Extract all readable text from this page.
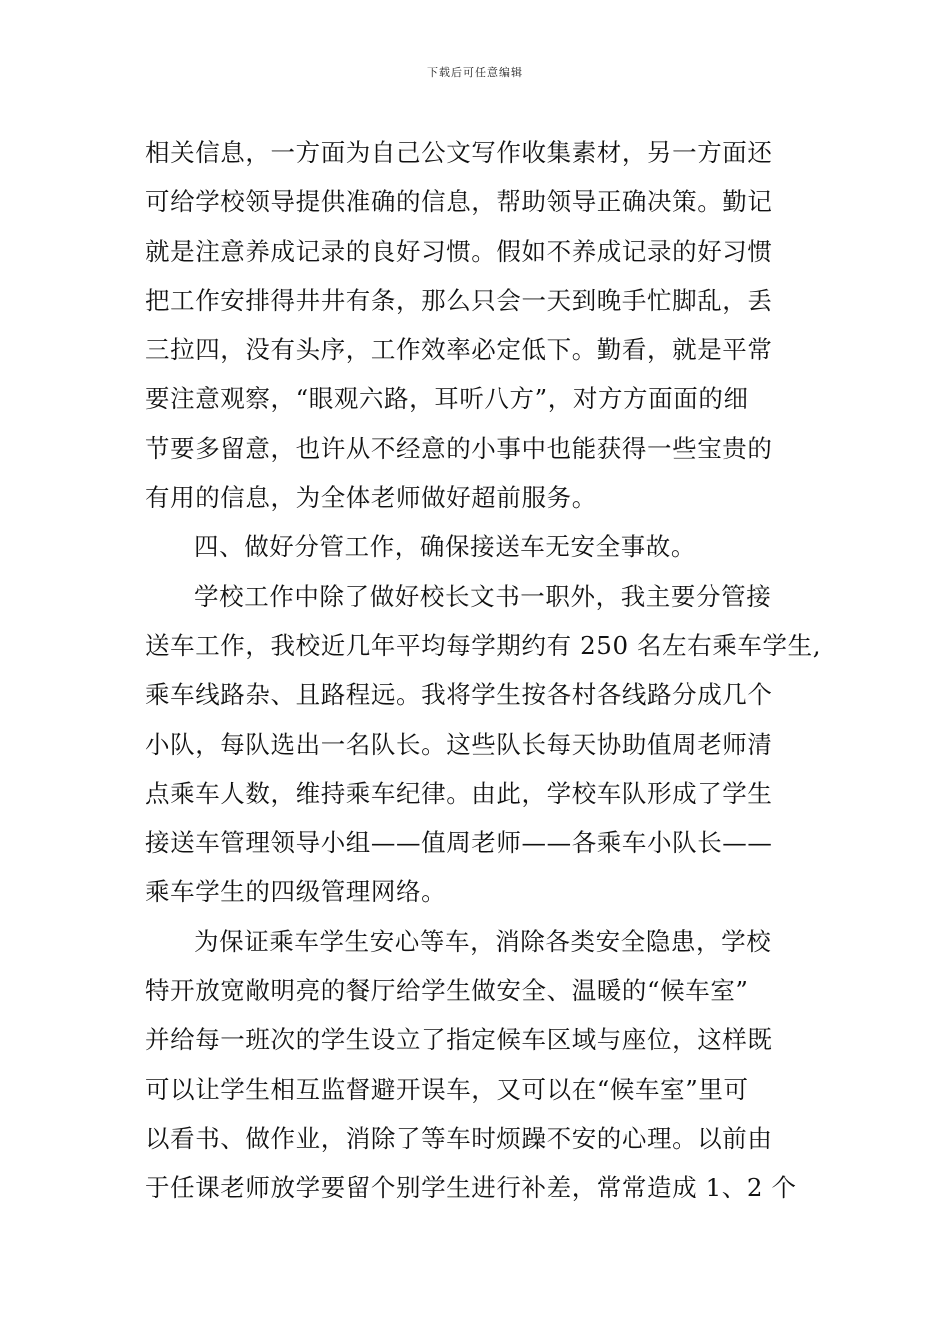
下载后可任意编辑
相关信息，一方面为自己公文写作收集素材，另一方面还
可给学校领导提供准确的信息，帮助领导正确决策。勤记
就是注意养成记录的良好习惯。假如不养成记录的好习惯
把工作安排得井井有条，那么只会一天到晚手忙脚乱，丢
三拉四，没有头序，工作效率必定低下。勤看，就是平常
要注意观察，“眼观六路，耳听八方”，对方方面面的细
节要多留意，也许从不经意的小事中也能获得一些宝贵的
有用的信息，为全体老师做好超前服务。
四、做好分管工作，确保接送车无安全事故。
学校工作中除了做好校长文书一职外，我主要分管接
送车工作，我校近几年平均每学期约有 250 名左右乘车学生,
乘车线路杂、且路程远。我将学生按各村各线路分成几个
小队，每队选出一名队长。这些队长每天协助值周老师清
点乘车人数，维持乘车纪律。由此，学校车队形成了学生
接送车管理领导小组——值周老师——各乘车小队长——
乘车学生的四级管理网络。
为保证乘车学生安心等车，消除各类安全隐患，学校
特开放宽敞明亮的餐厅给学生做安全、温暖的“候车室”
并给每一班次的学生设立了指定候车区域与座位，这样既
可以让学生相互监督避开误车，又可以在“候车室”里可
以看书、做作业，消除了等车时烦躁不安的心理。以前由
于任课老师放学要留个别学生进行补差，常常造成 1、2 个
